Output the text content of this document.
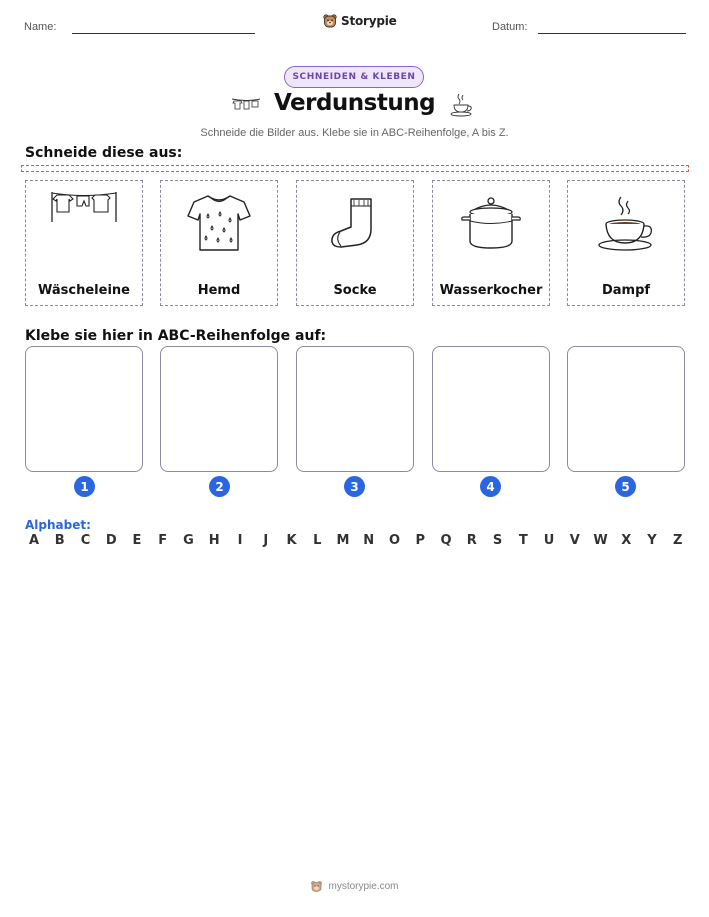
Name:	Storypie	Datum:
SCHNEIDEN & KLEBEN
Verdunstung
Schneide die Bilder aus. Klebe sie in ABC-Reihenfolge, A bis Z.
Schneide diese aus:
Wäscheleine	Hemd	Socke	Wasserkocher	Dampf
Klebe sie hier in ABC-Reihenfolge auf:
1	2	3	4	5
Alphabet:
A	B	C	D	E	F	G	H	I	J	K	L	M	N	O	P	Q	R	S	T	U	V	W	X	Y	Z
mystorypie.com
